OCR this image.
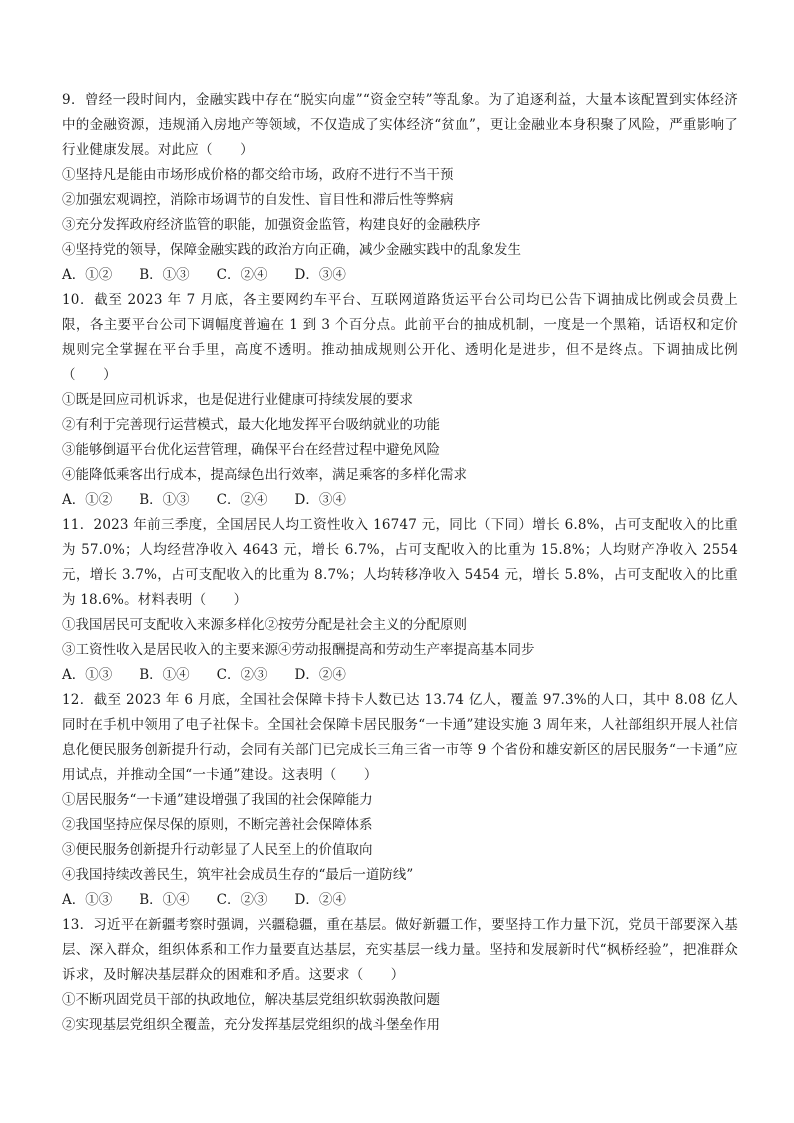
9．曾经一段时间内，金融实践中存在“脱实向虚”“资金空转”等乱象。为了追逐利益，大量本该配置到实体经济中的金融资源，违规涌入房地产等领域，不仅造成了实体经济“贫血”，更让金融业本身积聚了风险，严重影响了行业健康发展。对此应（　　）

①坚持凡是能由市场形成价格的都交给市场，政府不进行不当干预

②加强宏观调控，消除市场调节的自发性、盲目性和滞后性等弊病

③充分发挥政府经济监管的职能，加强资金监管，构建良好的金融秩序

④坚持党的领导，保障金融实践的政治方向正确，减少金融实践中的乱象发生

A．①②　　B．①③　　C．②④　　D．③④

10．截至 2023 年 7 月底，各主要网约车平台、互联网道路货运平台公司均已公告下调抽成比例或会员费上限，各主要平台公司下调幅度普遍在 1 到 3 个百分点。此前平台的抽成机制，一度是一个黑箱，话语权和定价规则完全掌握在平台手里，高度不透明。推动抽成规则公开化、透明化是进步，但不是终点。下调抽成比例（　　）

①既是回应司机诉求，也是促进行业健康可持续发展的要求

②有利于完善现行运营模式，最大化地发挥平台吸纳就业的功能

③能够倒逼平台优化运营管理，确保平台在经营过程中避免风险

④能降低乘客出行成本，提高绿色出行效率，满足乘客的多样化需求

A．①②　　B．①③　　C．②④　　D．③④

11．2023 年前三季度，全国居民人均工资性收入 16747 元，同比（下同）增长 6.8%，占可支配收入的比重为 57.0%；人均经营净收入 4643 元，增长 6.7%，占可支配收入的比重为 15.8%；人均财产净收入 2554 元，增长 3.7%，占可支配收入的比重为 8.7%；人均转移净收入 5454 元，增长 5.8%，占可支配收入的比重为 18.6%。材料表明（　　）

①我国居民可支配收入来源多样化②按劳分配是社会主义的分配原则

③工资性收入是居民收入的主要来源④劳动报酬提高和劳动生产率提高基本同步

A．①③　　B．①④　　C．②③　　D．②④

12．截至 2023 年 6 月底，全国社会保障卡持卡人数已达 13.74 亿人，覆盖 97.3%的人口，其中 8.08 亿人同时在手机中领用了电子社保卡。全国社会保障卡居民服务“一卡通”建设实施 3 周年来，人社部组织开展人社信息化便民服务创新提升行动，会同有关部门已完成长三角三省一市等 9 个省份和雄安新区的居民服务“一卡通”应用试点，并推动全国“一卡通”建设。这表明（　　）

①居民服务“一卡通”建设增强了我国的社会保障能力

②我国坚持应保尽保的原则，不断完善社会保障体系

③便民服务创新提升行动彰显了人民至上的价值取向

④我国持续改善民生，筑牢社会成员生存的“最后一道防线”

A．①③　　B．①④　　C．②③　　D．②④

13．习近平在新疆考察时强调，兴疆稳疆，重在基层。做好新疆工作，要坚持工作力量下沉，党员干部要深入基层、深入群众，组织体系和工作力量要直达基层，充实基层一线力量。坚持和发展新时代“枫桥经验”，把准群众诉求，及时解决基层群众的困难和矛盾。这要求（　　）

①不断巩固党员干部的执政地位，解决基层党组织软弱涣散问题

②实现基层党组织全覆盖，充分发挥基层党组织的战斗堡垒作用
